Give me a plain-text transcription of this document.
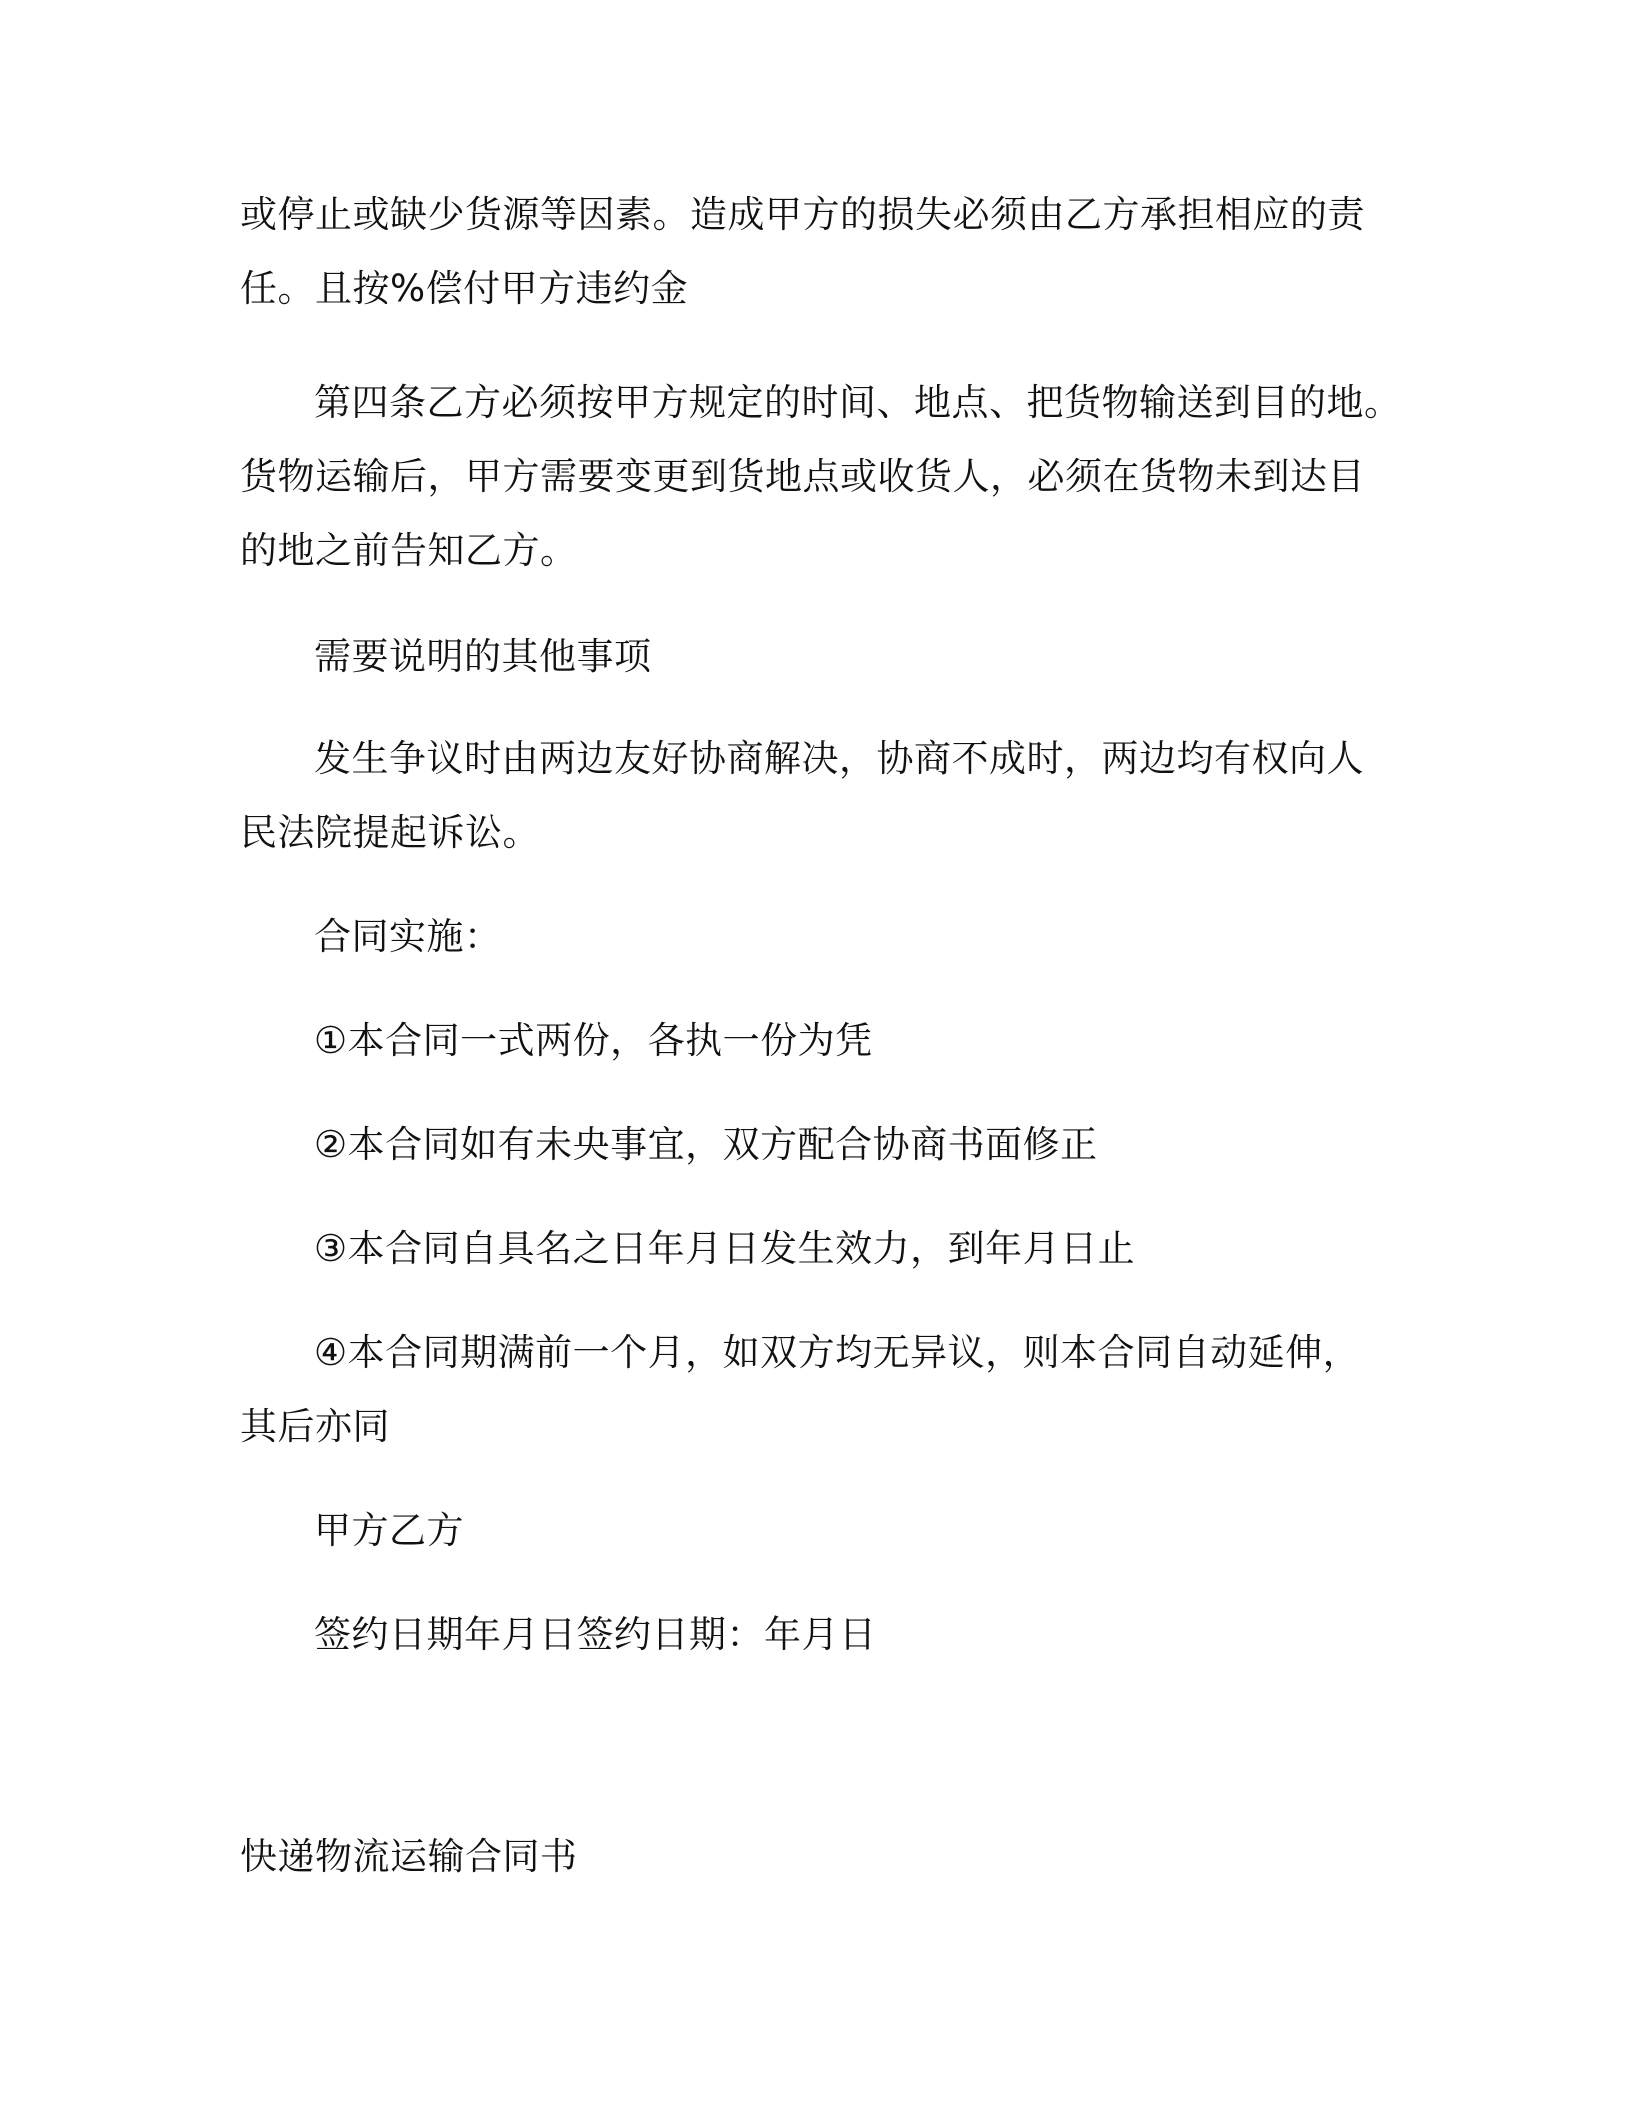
或停止或缺少货源等因素。造成甲方的损失必须由乙方承担相应的责
任。且按%偿付甲方违约金
第四条乙方必须按甲方规定的时间、地点、把货物输送到目的地。
货物运输后，甲方需要变更到货地点或收货人，必须在货物未到达目
的地之前告知乙方。
需要说明的其他事项
发生争议时由两边友好协商解决，协商不成时，两边均有权向人
民法院提起诉讼。
合同实施：
①本合同一式两份，各执一份为凭
②本合同如有未央事宜，双方配合协商书面修正
③本合同自具名之日年月日发生效力，到年月日止
④本合同期满前一个月，如双方均无异议，则本合同自动延伸，
其后亦同
甲方乙方
签约日期年月日签约日期：年月日
快递物流运输合同书
